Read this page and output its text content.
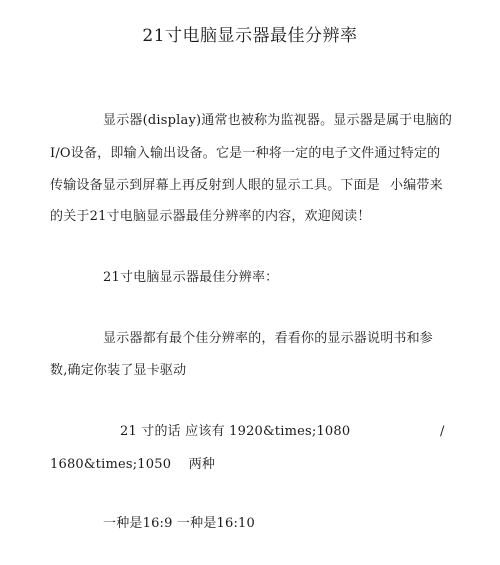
21寸电脑显示器最佳分辨率
显示器(display)通常也被称为监视器。显示器是属于电脑的
I/O设备，即输入输出设备。它是一种将一定的电子文件通过特定的
传输设备显示到屏幕上再反射到人眼的显示工具。下面是 小编带来
的关于21寸电脑显示器最佳分辨率的内容，欢迎阅读！
21寸电脑显示器最佳分辨率：
显示器都有最个佳分辨率的，看看你的显示器说明书和参
数,确定你装了显卡驱动
21 寸的话 应该有 1920&times;1080	/
1680&times;1050　 两种
一种是16:9 一种是16:10
